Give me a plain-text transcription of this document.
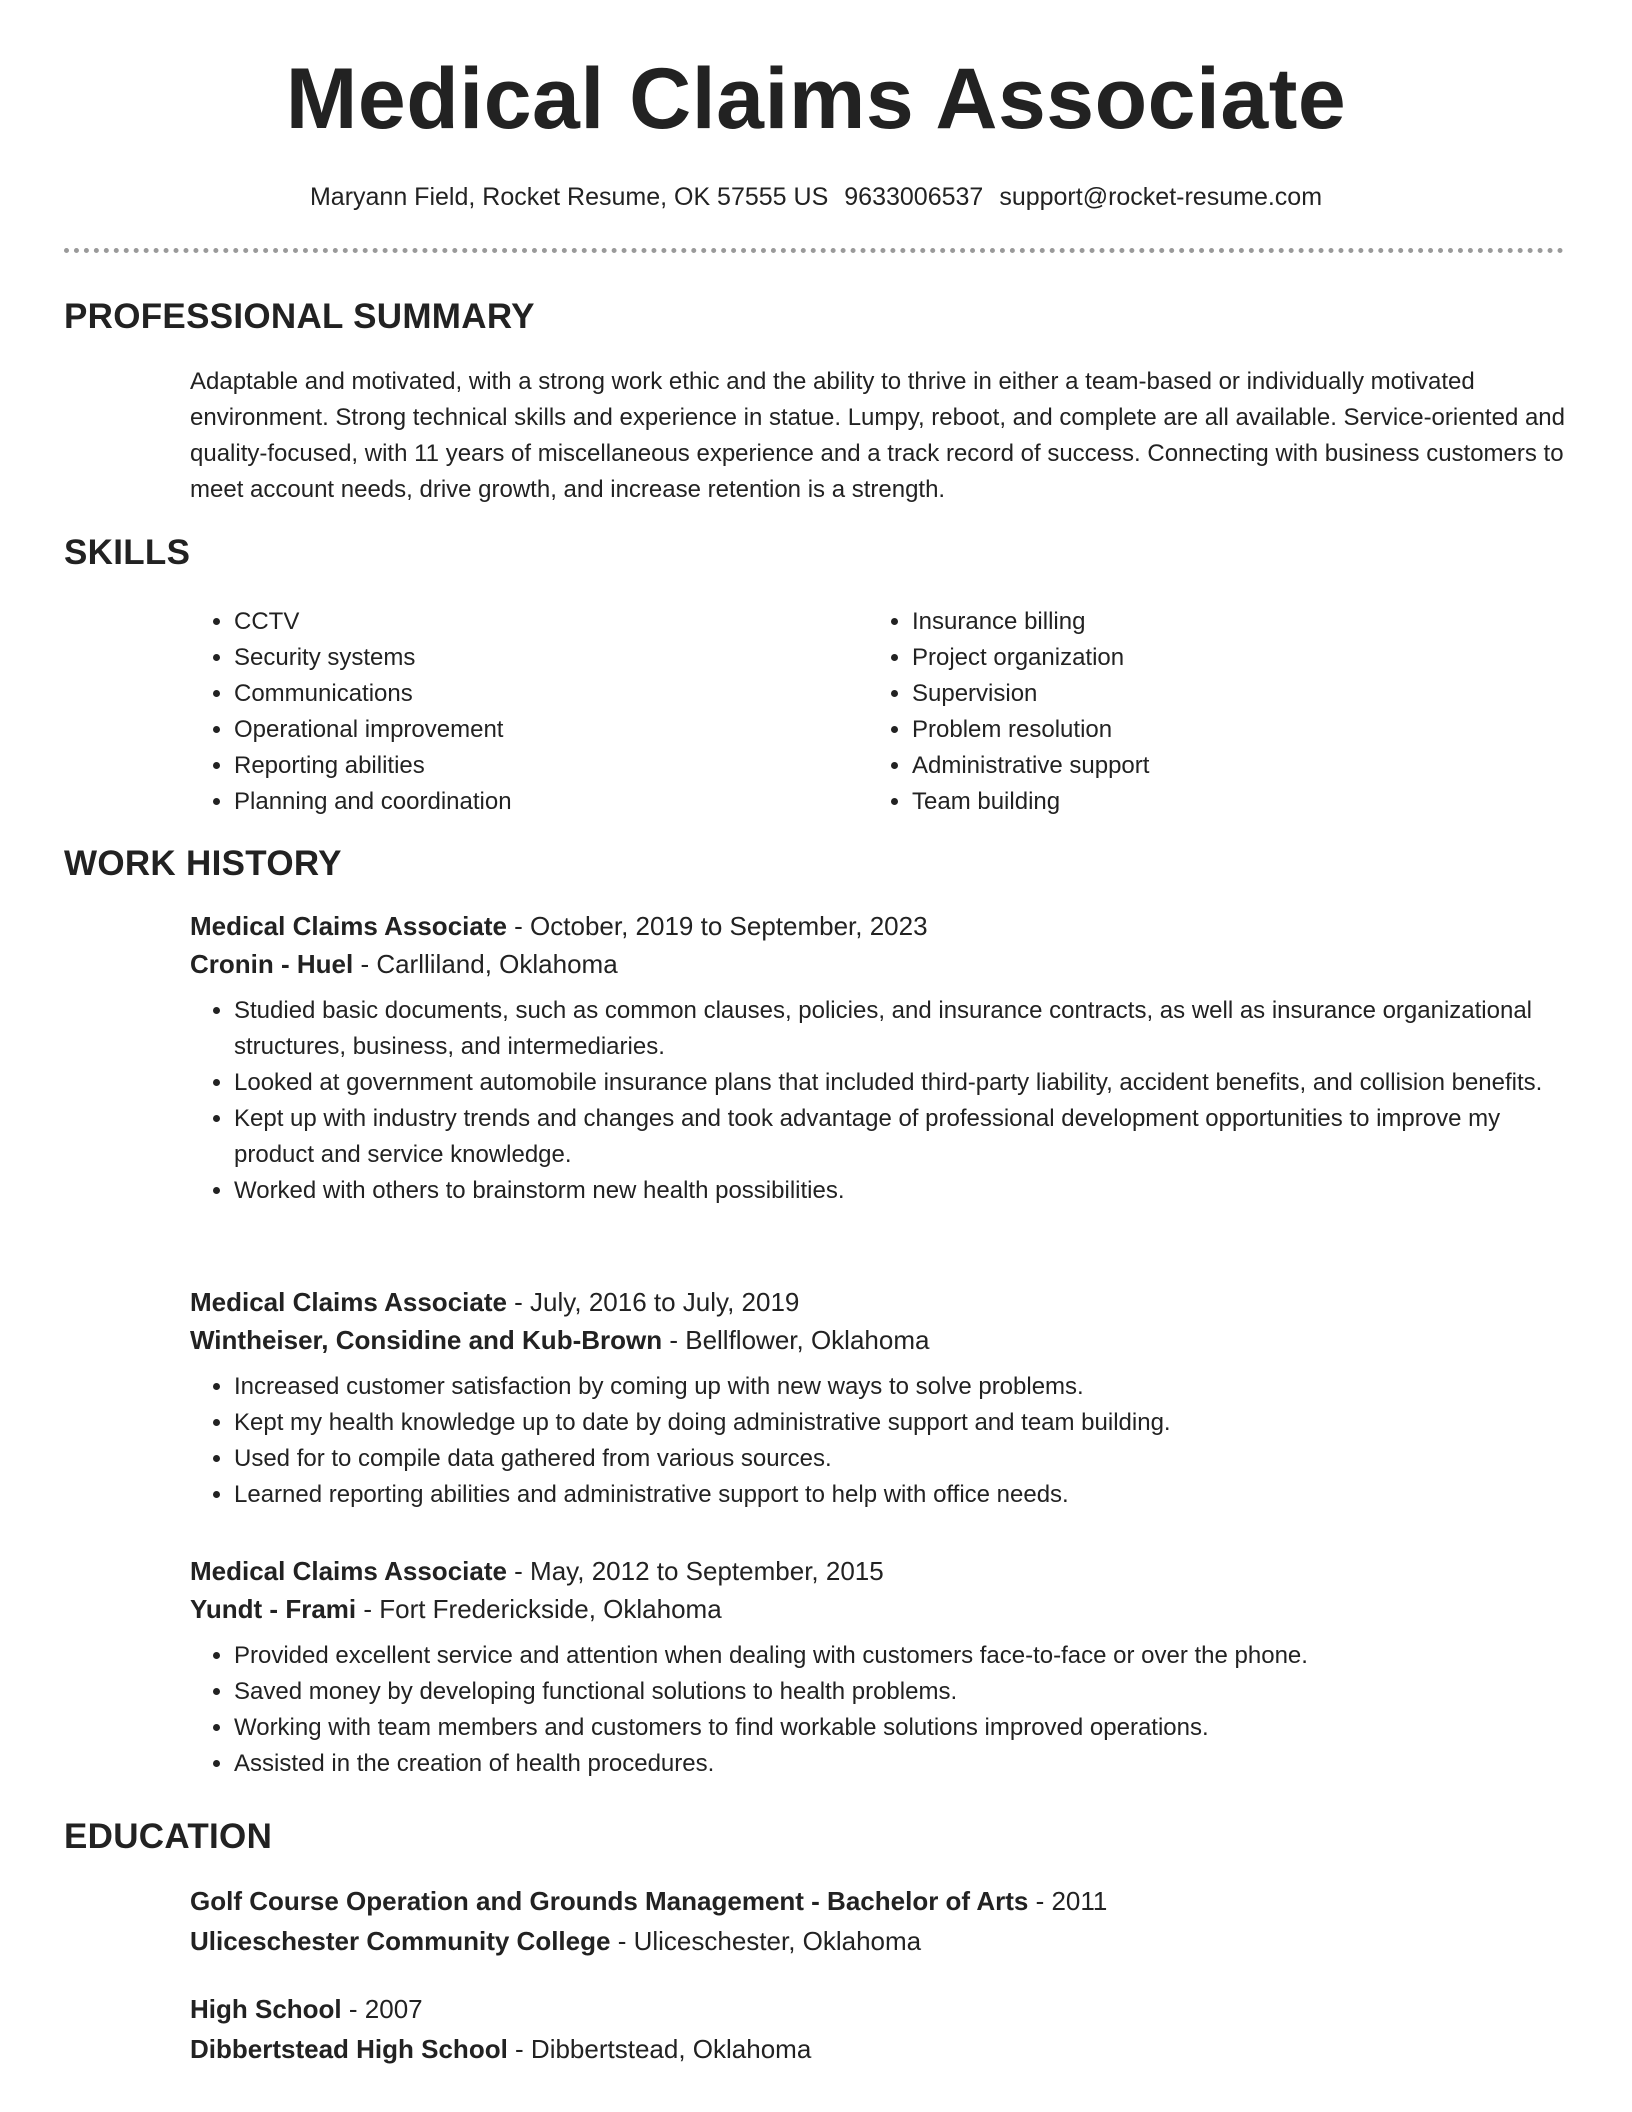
Medical Claims Associate
Maryann Field, Rocket Resume, OK 57555 US 9633006537 support@rocket-resume.com
PROFESSIONAL SUMMARY

Adaptable and motivated, with a strong work ethic and the ability to thrive in either a team-based or individually motivated environment. Strong technical skills and experience in statue. Lumpy, reboot, and complete are all available. Service-oriented and quality-focused, with 11 years of miscellaneous experience and a track record of success. Connecting with business customers to meet account needs, drive growth, and increase retention is a strength.

SKILLS
• CCTV
• Security systems
• Communications
• Operational improvement
• Reporting abilities
• Planning and coordination
• Insurance billing
• Project organization
• Supervision
• Problem resolution
• Administrative support
• Team building
WORK HISTORY

Medical Claims Associate - October, 2019 to September, 2023

Cronin - Huel - Carlliland, Oklahoma

• Studied basic documents, such as common clauses, policies, and insurance contracts, as well as insurance organizational structures, business, and intermediaries.
• Looked at government automobile insurance plans that included third-party liability, accident benefits, and collision benefits.
• Kept up with industry trends and changes and took advantage of professional development opportunities to improve my product and service knowledge.
• Worked with others to brainstorm new health possibilities.

Medical Claims Associate - July, 2016 to July, 2019

Wintheiser, Considine and Kub-Brown - Bellflower, Oklahoma

• Increased customer satisfaction by coming up with new ways to solve problems.
• Kept my health knowledge up to date by doing administrative support and team building.
• Used for to compile data gathered from various sources.
• Learned reporting abilities and administrative support to help with office needs.

Medical Claims Associate - May, 2012 to September, 2015

Yundt - Frami - Fort Frederickside, Oklahoma

• Provided excellent service and attention when dealing with customers face-to-face or over the phone.
• Saved money by developing functional solutions to health problems.
• Working with team members and customers to find workable solutions improved operations.
• Assisted in the creation of health procedures.
EDUCATION

Golf Course Operation and Grounds Management - Bachelor of Arts - 2011

Uliceschester Community College - Uliceschester, Oklahoma

High School - 2007

Dibbertstead High School - Dibbertstead, Oklahoma
